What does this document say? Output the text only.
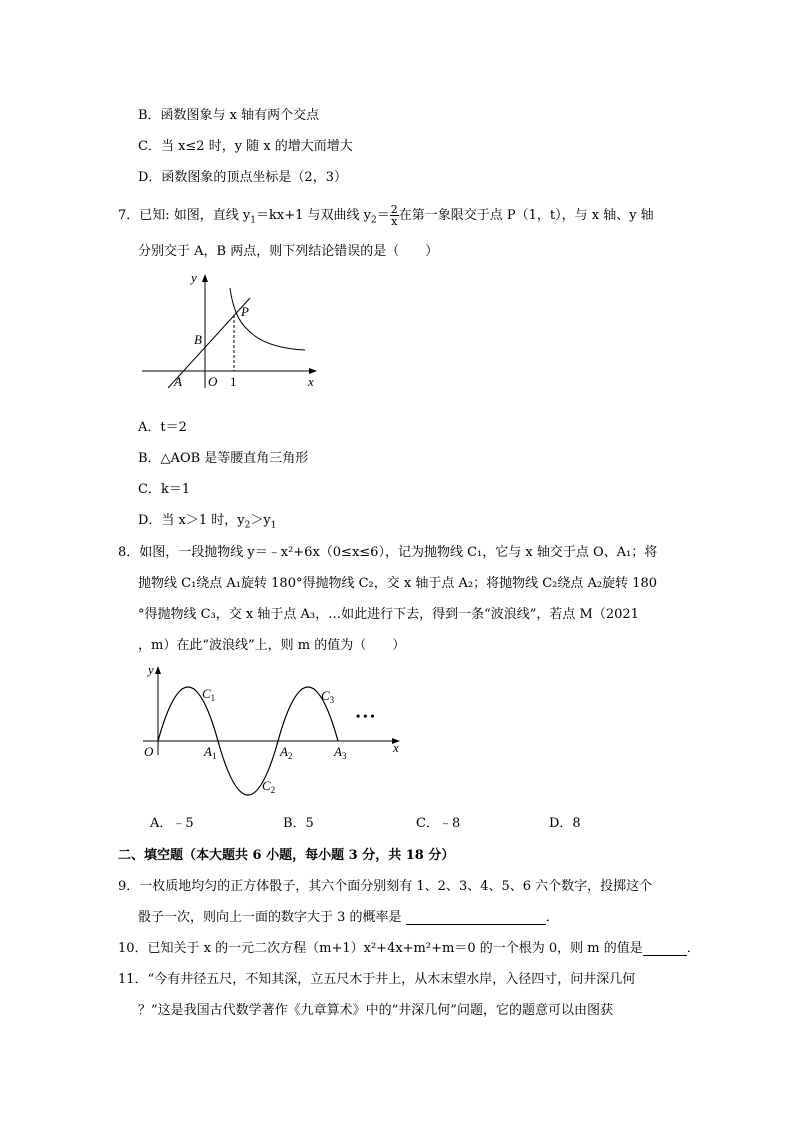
B．函数图象与 x 轴有两个交点
C．当 x≤2 时，y 随 x 的增大而增大
D．函数图象的顶点坐标是（2，3）
7．已知: 如图，直线 $y_1=kx+1$ 与双曲线 $y_2= \frac{2}{x}$ 在第一象限交于点 P（1，t），与 x 轴、y 轴
分别交于 A，B 两点，则下列结论错误的是（　　）
y
x
P
B
A O 1
A．t＝2
B．△AOB 是等腰直角三角形
C．k＝1
D．当 x＞1 时，$y_2>y_1$
8．如图，一段抛物线 y＝﹣x²+6x（0≤x≤6），记为抛物线 C₁，它与 x 轴交于点 O、A₁；将
抛物线 C₁绕点 A₁旋转 180°得抛物线 C₂，交 x 轴于点 A₂；将抛物线 C₂绕点 A₂旋转 180
°得抛物线 C₃，交 x 轴于点 A₃，…如此进行下去，得到一条“波浪线”，若点 M（2021
，m）在此“波浪线”上，则 m 的值为（　　）
y
x
O
$C_1$
$C_2$
$C_3$
$A_1$	$A_2$	$A_3$
• • •
A．﹣5	B．5	C．﹣8	D．8
二、填空题（本大题共 6 小题，每小题 3 分，共 18 分）
9．一枚质地均匀的正方体骰子，其六个面分别刻有 1、2、3、4、5、6 六个数字，投掷这个
骰子一次，则向上一面的数字大于 3 的概率是	．
10．已知关于 x 的一元二次方程（m+1）x²+4x+m²+m＝0 的一个根为 0，则 m 的值是	．
11．“今有井径五尺，不知其深，立五尺木于井上，从木末望水岸，入径四寸，问井深几何
？”这是我国古代数学著作《九章算术》中的“井深几何”问题，它的题意可以由图获
